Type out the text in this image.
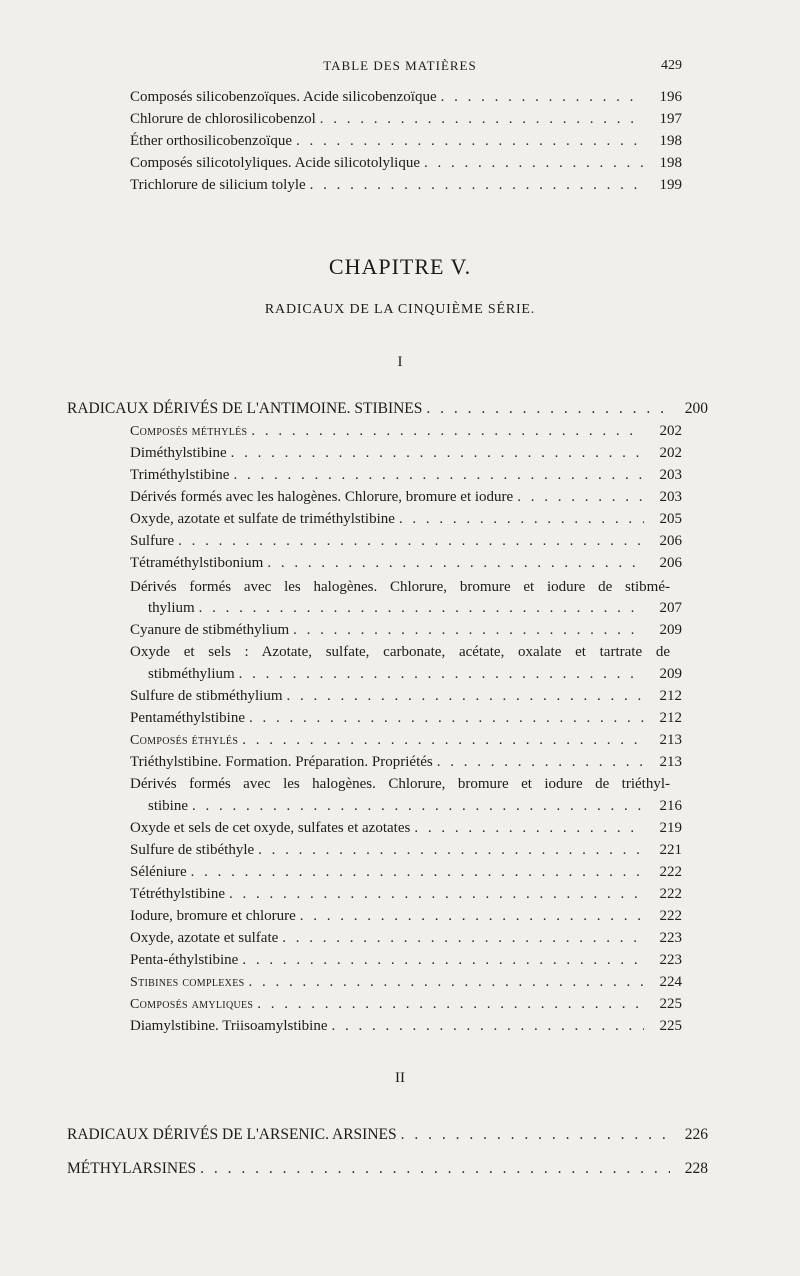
TABLE DES MATIÈRES	429
Composés silicobenzoïques. Acide silicobenzoïque . . .	196
Chlorure de chlorosilicobenzol . . .	197
Éther orthosilicobenzoïque . . .	198
Composés silicotolyliques. Acide silicotolylique . . .	198
Trichlorure de silicium tolyle . . .	199
CHAPITRE V.
RADICAUX DE LA CINQUIÈME SÉRIE.
I
RADICAUX DÉRIVÉS DE L'ANTIMOINE. STIBINES . . .	200
Composés méthylés . . .	202
Diméthylstibine . . .	202
Triméthylstibine . . .	203
Dérivés formés avec les halogènes. Chlorure, bromure et iodure . . .	203
Oxyde, azotate et sulfate de triméthylstibine . . .	205
Sulfure . . .	206
Tétraméthylstibonium . . .	206
Dérivés formés avec les halogènes. Chlorure, bromure et iodure de stibmé-
thylium . . .	207
Cyanure de stibméthylium . . .	209
Oxyde et sels : Azotate, sulfate, carbonate, acétate, oxalate et tartrate de
stibméthylium . . .	209
Sulfure de stibméthylium . . .	212
Pentaméthylstibine . . .	212
Composés éthylés . . .	213
Triéthylstibine. Formation. Préparation. Propriétés . . .	213
Dérivés formés avec les halogènes. Chlorure, bromure et iodure de triéthyl-
stibine . . .	216
Oxyde et sels de cet oxyde, sulfates et azotates . . .	219
Sulfure de stibéthyle . . .	221
Séléniure . . .	222
Tétréthylstibine . . .	222
Iodure, bromure et chlorure . . .	222
Oxyde, azotate et sulfate . . .	223
Penta-éthylstibine . . .	223
Stibines complexes . . .	224
Composés amyliques . . .	225
Diamylstibine. Triisoamylstibine . . .	225
II
RADICAUX DÉRIVÉS DE L'ARSENIC. ARSINES . . .	226
MÉTHYLARSINES . . .	228
